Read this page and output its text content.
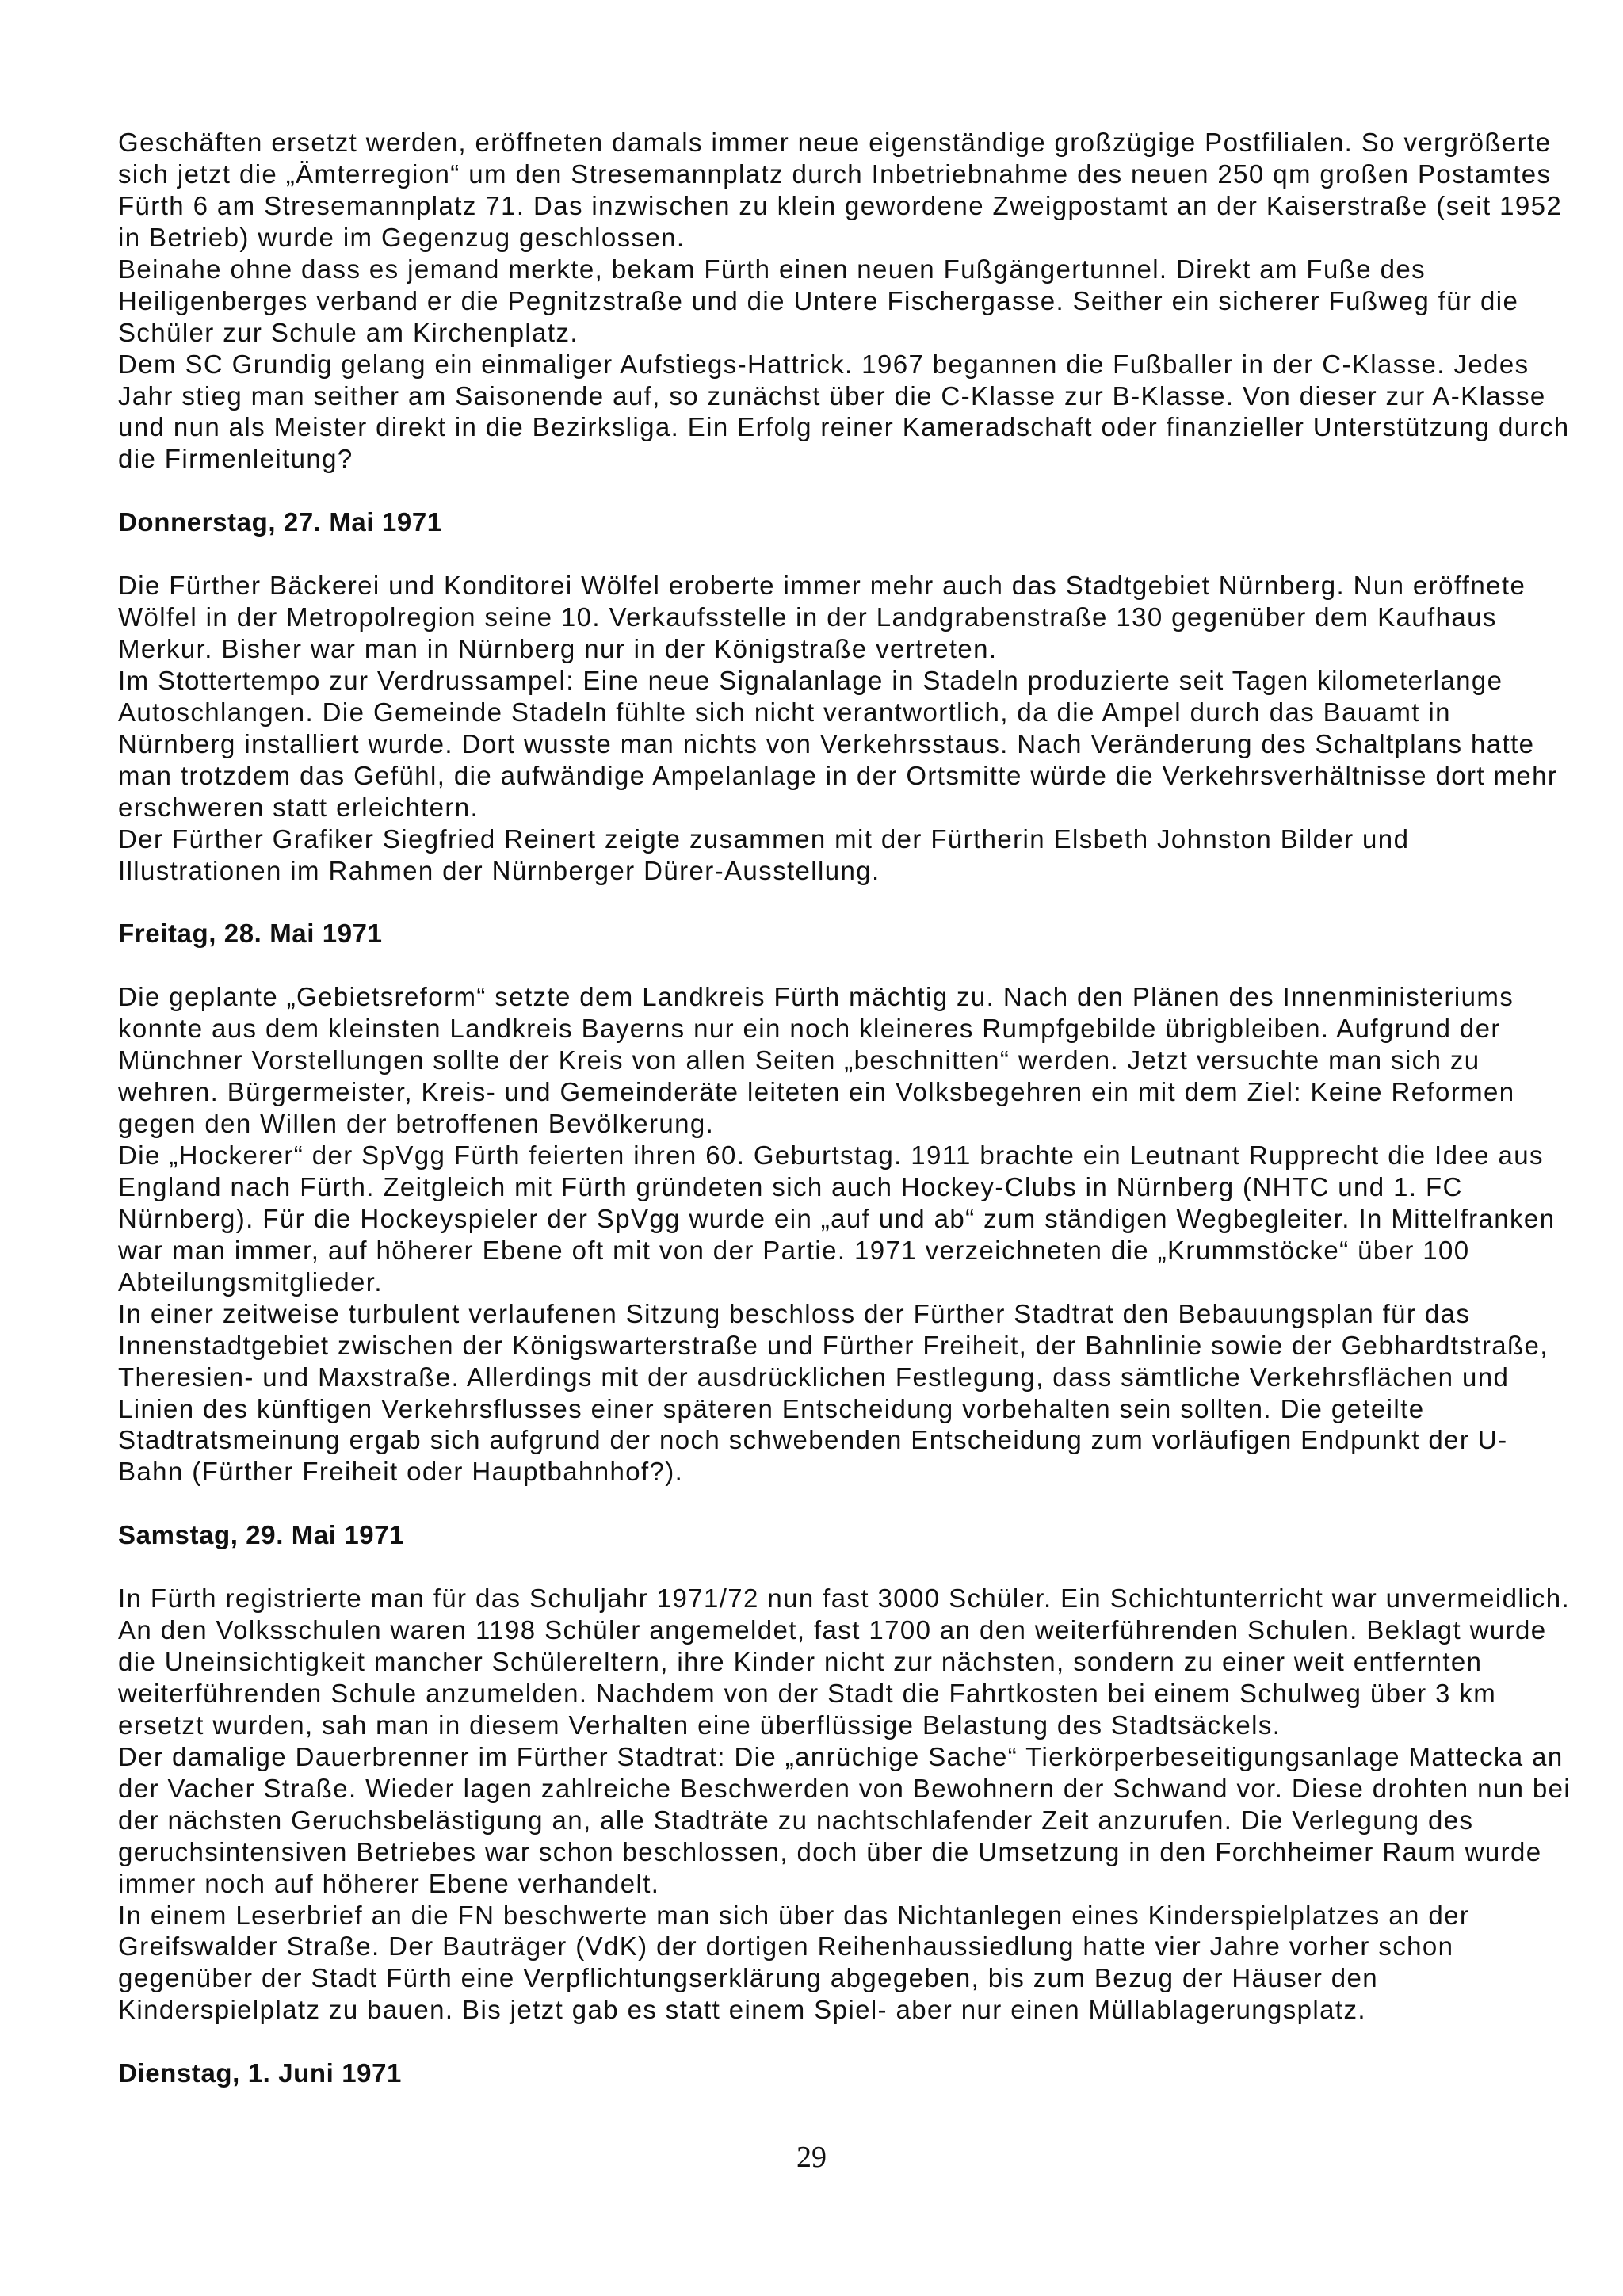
Geschäften ersetzt werden, eröffneten damals immer neue eigenständige großzügige Postfilialen. So vergrößerte
sich jetzt die „Ämterregion“ um den Stresemannplatz durch Inbetriebnahme des neuen 250 qm großen Postamtes
Fürth 6 am Stresemannplatz 71. Das inzwischen zu klein gewordene Zweigpostamt an der Kaiserstraße (seit 1952
in Betrieb) wurde im Gegenzug geschlossen.
Beinahe ohne dass es jemand merkte, bekam Fürth einen neuen Fußgängertunnel. Direkt am Fuße des
Heiligenberges verband er die Pegnitzstraße und die Untere Fischergasse. Seither ein sicherer Fußweg für die
Schüler zur Schule am Kirchenplatz.
Dem SC Grundig gelang ein einmaliger Aufstiegs-Hattrick. 1967 begannen die Fußballer in der C-Klasse. Jedes
Jahr stieg man seither am Saisonende auf, so zunächst über die C-Klasse zur B-Klasse. Von dieser zur A-Klasse
und nun als Meister direkt in die Bezirksliga. Ein Erfolg reiner Kameradschaft oder finanzieller Unterstützung durch
die Firmenleitung?
Donnerstag, 27. Mai 1971
Die Fürther Bäckerei und Konditorei Wölfel eroberte immer mehr auch das Stadtgebiet Nürnberg. Nun eröffnete
Wölfel in der Metropolregion seine 10. Verkaufsstelle in der Landgrabenstraße 130 gegenüber dem Kaufhaus
Merkur. Bisher war man in Nürnberg nur in der Königstraße vertreten.
Im Stottertempo zur Verdrussampel: Eine neue Signalanlage in Stadeln produzierte seit Tagen kilometerlange
Autoschlangen. Die Gemeinde Stadeln fühlte sich nicht verantwortlich, da die Ampel durch das Bauamt in
Nürnberg installiert wurde. Dort wusste man nichts von Verkehrsstaus. Nach Veränderung des Schaltplans hatte
man trotzdem das Gefühl, die aufwändige Ampelanlage in der Ortsmitte würde die Verkehrsverhältnisse dort mehr
erschweren statt erleichtern.
Der Fürther Grafiker Siegfried Reinert zeigte zusammen mit der Fürtherin Elsbeth Johnston Bilder und
Illustrationen im Rahmen der Nürnberger Dürer-Ausstellung.
Freitag, 28. Mai 1971
Die geplante „Gebietsreform“ setzte dem Landkreis Fürth mächtig zu. Nach den Plänen des Innenministeriums
konnte aus dem kleinsten Landkreis Bayerns nur ein noch kleineres Rumpfgebilde übrigbleiben. Aufgrund der
Münchner Vorstellungen sollte der Kreis von allen Seiten „beschnitten“ werden. Jetzt versuchte man sich zu
wehren. Bürgermeister, Kreis- und Gemeinderäte leiteten ein Volksbegehren ein mit dem Ziel: Keine Reformen
gegen den Willen der betroffenen Bevölkerung.
Die „Hockerer“ der SpVgg Fürth feierten ihren 60. Geburtstag. 1911 brachte ein Leutnant Rupprecht die Idee aus
England nach Fürth. Zeitgleich mit Fürth gründeten sich auch Hockey-Clubs in Nürnberg (NHTC und 1. FC
Nürnberg). Für die Hockeyspieler der SpVgg wurde ein „auf und ab“ zum ständigen Wegbegleiter. In Mittelfranken
war man immer, auf höherer Ebene oft mit von der Partie. 1971 verzeichneten die „Krummstöcke“ über 100
Abteilungsmitglieder.
In einer zeitweise turbulent verlaufenen Sitzung beschloss der Fürther Stadtrat den Bebauungsplan für das
Innenstadtgebiet zwischen der Königswarterstraße und Fürther Freiheit, der Bahnlinie sowie der Gebhardtstraße,
Theresien- und Maxstraße. Allerdings mit der ausdrücklichen Festlegung, dass sämtliche Verkehrsflächen und
Linien des künftigen Verkehrsflusses einer späteren Entscheidung vorbehalten sein sollten. Die geteilte
Stadtratsmeinung ergab sich aufgrund der noch schwebenden Entscheidung zum vorläufigen Endpunkt der U-
Bahn (Fürther Freiheit oder Hauptbahnhof?).
Samstag, 29. Mai 1971
In Fürth registrierte man für das Schuljahr 1971/72 nun fast 3000 Schüler. Ein Schichtunterricht war unvermeidlich.
An den Volksschulen waren 1198 Schüler angemeldet, fast 1700 an den weiterführenden Schulen. Beklagt wurde
die Uneinsichtigkeit mancher Schülereltern, ihre Kinder nicht zur nächsten, sondern zu einer weit entfernten
weiterführenden Schule anzumelden. Nachdem von der Stadt die Fahrtkosten bei einem Schulweg über 3 km
ersetzt wurden, sah man in diesem Verhalten eine überflüssige Belastung des Stadtsäckels.
Der damalige Dauerbrenner im Fürther Stadtrat: Die „anrüchige Sache“ Tierkörperbeseitigungsanlage Mattecka an
der Vacher Straße. Wieder lagen zahlreiche Beschwerden von Bewohnern der Schwand vor. Diese drohten nun bei
der nächsten Geruchsbelästigung an, alle Stadträte zu nachtschlafender Zeit anzurufen. Die Verlegung des
geruchsintensiven Betriebes war schon beschlossen, doch über die Umsetzung in den Forchheimer Raum wurde
immer noch auf höherer Ebene verhandelt.
In einem Leserbrief an die FN beschwerte man sich über das Nichtanlegen eines Kinderspielplatzes an der
Greifswalder Straße. Der Bauträger (VdK) der dortigen Reihenhaussiedlung hatte vier Jahre vorher schon
gegenüber der Stadt Fürth eine Verpflichtungserklärung abgegeben, bis zum Bezug der Häuser den
Kinderspielplatz zu bauen. Bis jetzt gab es statt einem Spiel- aber nur einen Müllablagerungsplatz.
Dienstag, 1. Juni 1971
29
